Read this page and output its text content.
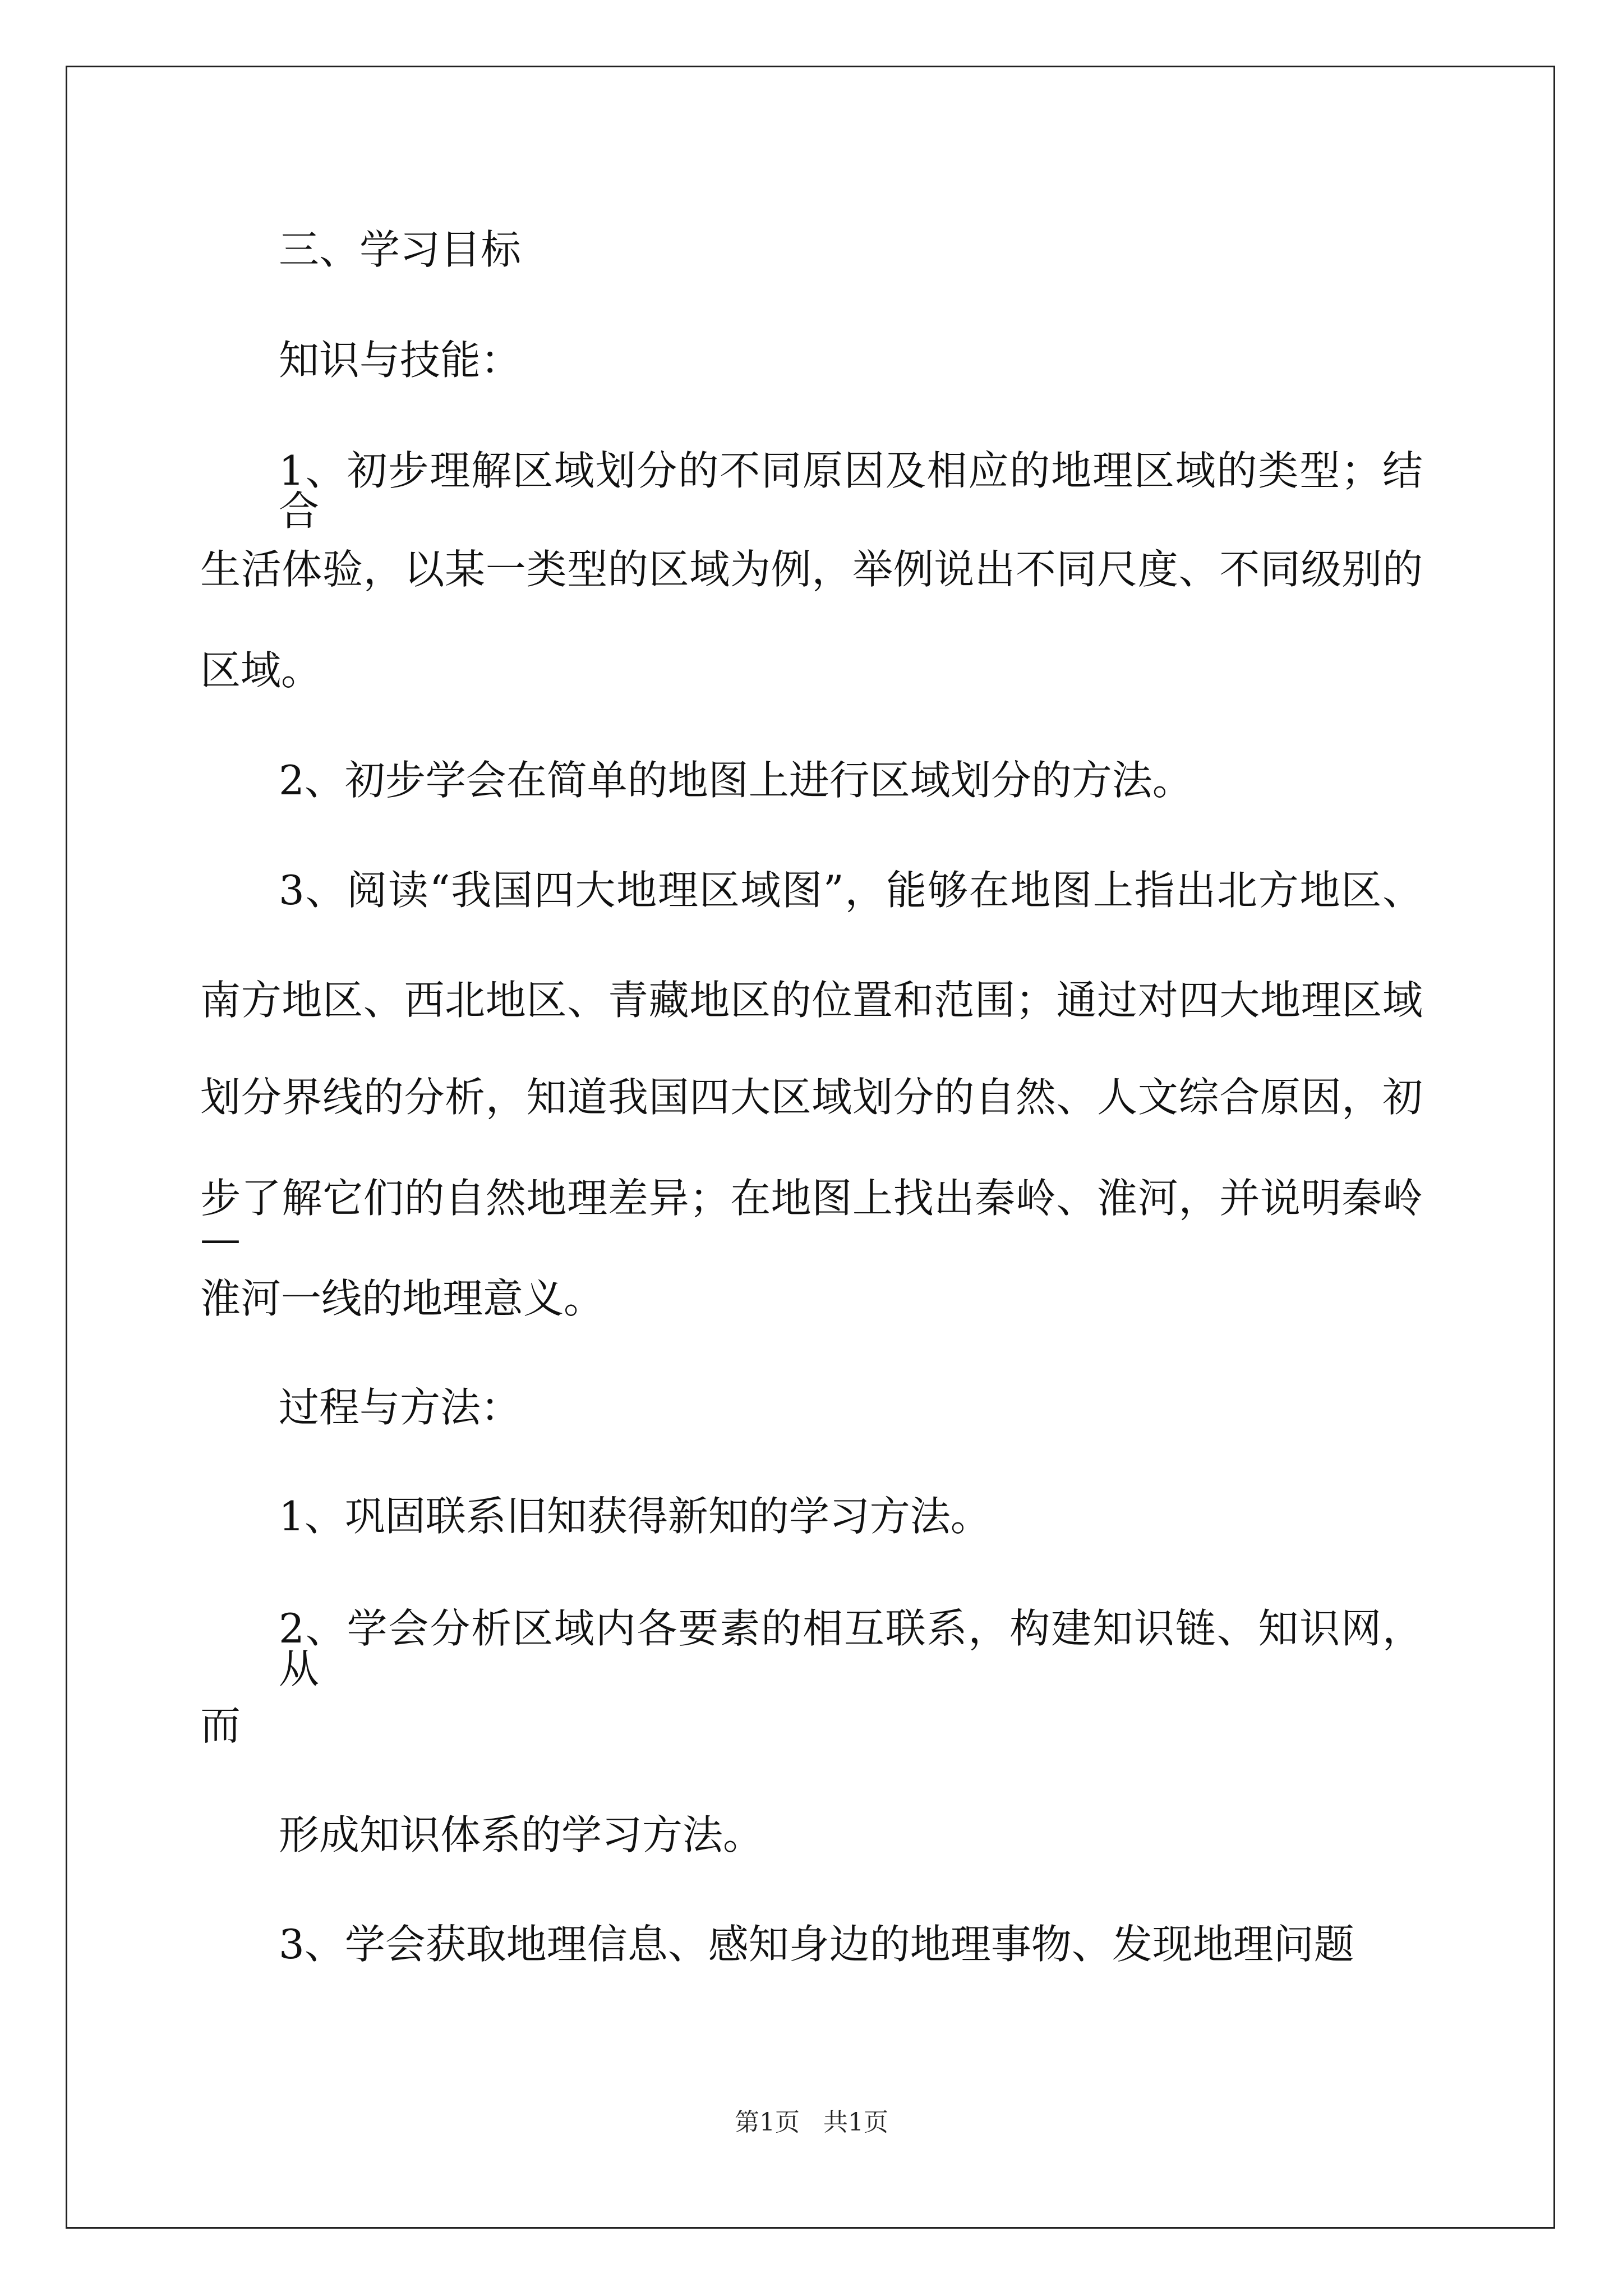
三、学习目标
知识与技能：
1、初步理解区域划分的不同原因及相应的地理区域的类型；结合
生活体验，以某一类型的区域为例，举例说出不同尺度、不同级别的
区域。
2、初步学会在简单的地图上进行区域划分的方法。
3、阅读“我国四大地理区域图”，能够在地图上指出北方地区、
南方地区、西北地区、青藏地区的位置和范围；通过对四大地理区域
划分界线的分析，知道我国四大区域划分的自然、人文综合原因，初
步了解它们的自然地理差异；在地图上找出秦岭、淮河，并说明秦岭—
淮河一线的地理意义。
过程与方法：
1、巩固联系旧知获得新知的学习方法。
2、学会分析区域内各要素的相互联系，构建知识链、知识网，从
而
形成知识体系的学习方法。
3、学会获取地理信息、感知身边的地理事物、发现地理问题
第1页   共1页
